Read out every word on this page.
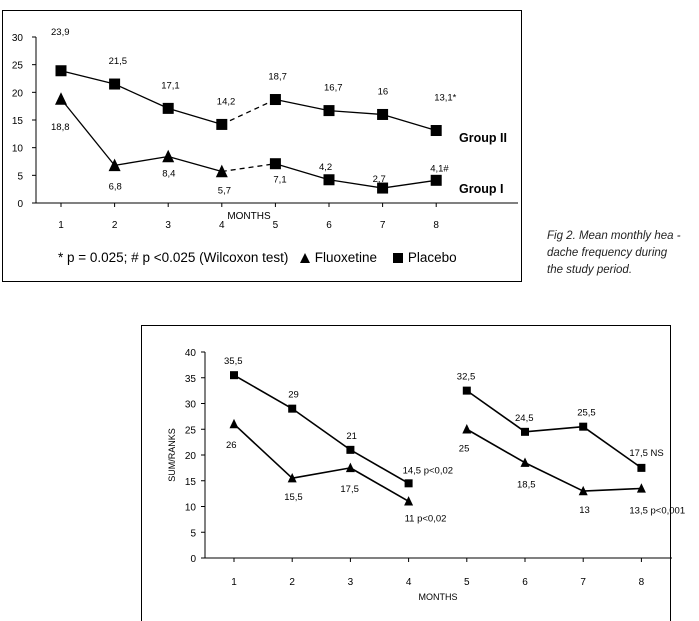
0
5
10
15
20
25
30
1	2	3	4	5	6	7	8
MONTHS
23,9
21,5
17,1
14,2
18,7
16,7	16
13,1*
Group II
18,8
6,8
8,4
5,7
7,1
4,2
2,7
4,1#
Group I
* p = 0.025; # p <0.025 (Wilcoxon test)	Fluoxetine Placebo
Fig 2. Mean monthly hea -
dache frequency during
the study period.
0
5
10
15
20
25
30
35
40
1	2	3	4	5	6	7	8
MONTHS
SUM/RANKS
35,5
29
21
14,5 p<0,02
32,5
24,5	25,5
17,5 NS
26
15,5
17,5
11 p<0,02
25
18,5
13	13,5 p<0,001
